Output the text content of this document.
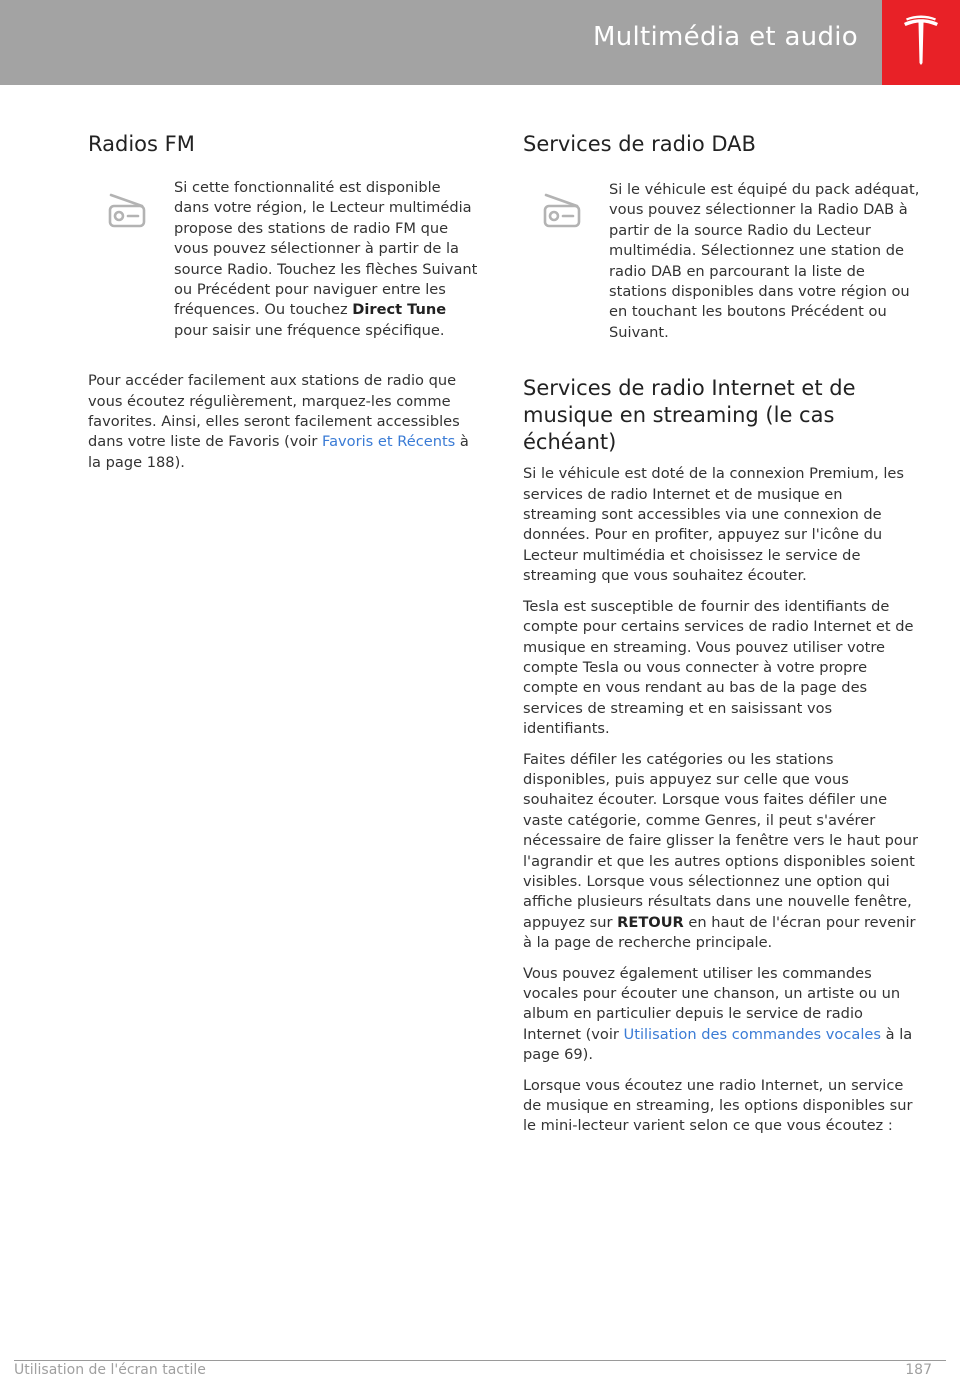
Multimédia et audio
Radios FM

Si cette fonctionnalité est disponible dans votre région, le Lecteur multimédia propose des stations de radio FM que vous pouvez sélectionner à partir de la source Radio. Touchez les flèches Suivant ou Précédent pour naviguer entre les fréquences. Ou touchez Direct Tune pour saisir une fréquence spécifique.

Pour accéder facilement aux stations de radio que vous écoutez régulièrement, marquez-les comme favorites. Ainsi, elles seront facilement accessibles dans votre liste de Favoris (voir Favoris et Récents à la page 188).

Services de radio DAB

Si le véhicule est équipé du pack adéquat, vous pouvez sélectionner la Radio DAB à partir de la source Radio du Lecteur multimédia. Sélectionnez une station de radio DAB en parcourant la liste de stations disponibles dans votre région ou en touchant les boutons Précédent ou Suivant.

Services de radio Internet et de musique en streaming (le cas échéant)

Si le véhicule est doté de la connexion Premium, les services de radio Internet et de musique en streaming sont accessibles via une connexion de données. Pour en profiter, appuyez sur l'icône du Lecteur multimédia et choisissez le service de streaming que vous souhaitez écouter.

Tesla est susceptible de fournir des identifiants de compte pour certains services de radio Internet et de musique en streaming. Vous pouvez utiliser votre compte Tesla ou vous connecter à votre propre compte en vous rendant au bas de la page des services de streaming et en saisissant vos identifiants.

Faites défiler les catégories ou les stations disponibles, puis appuyez sur celle que vous souhaitez écouter. Lorsque vous faites défiler une vaste catégorie, comme Genres, il peut s'avérer nécessaire de faire glisser la fenêtre vers le haut pour l'agrandir et que les autres options disponibles soient visibles. Lorsque vous sélectionnez une option qui affiche plusieurs résultats dans une nouvelle fenêtre, appuyez sur RETOUR en haut de l'écran pour revenir à la page de recherche principale.

Vous pouvez également utiliser les commandes vocales pour écouter une chanson, un artiste ou un album en particulier depuis le service de radio Internet (voir Utilisation des commandes vocales à la page 69).

Lorsque vous écoutez une radio Internet, un service de musique en streaming, les options disponibles sur le mini-lecteur varient selon ce que vous écoutez :

Utilisation de l'écran tactile	187
